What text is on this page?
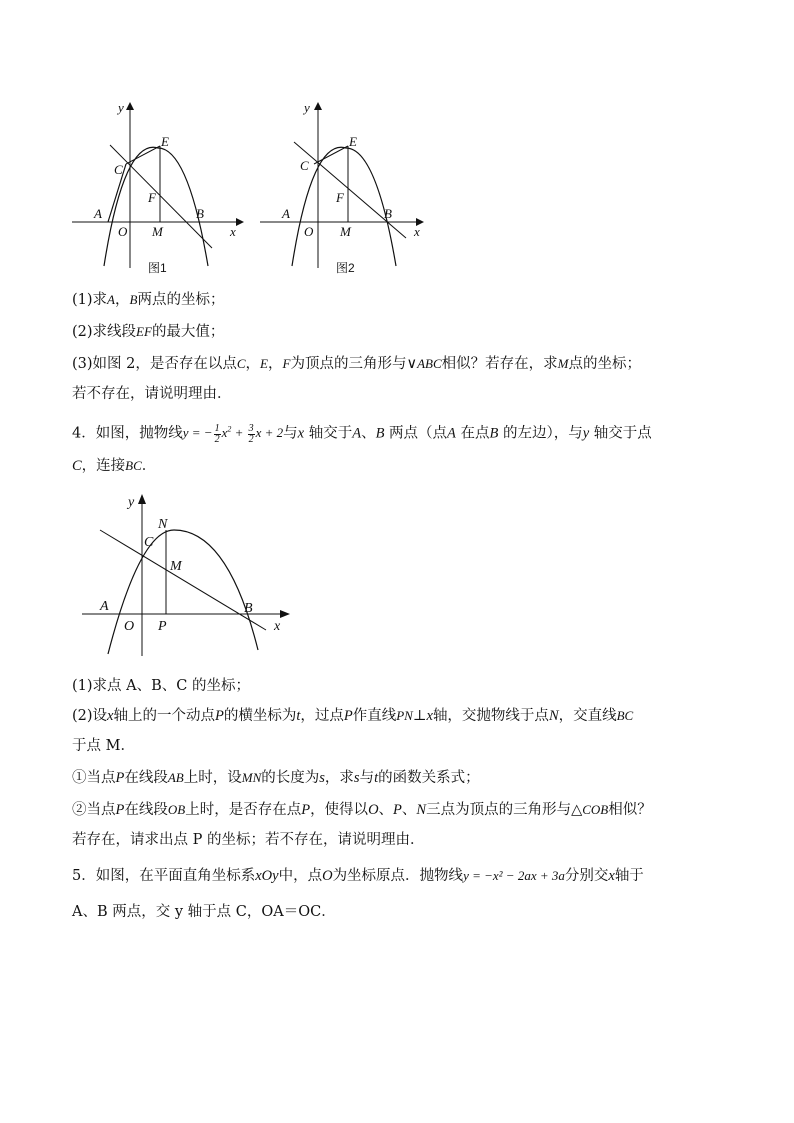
y
x
O
A	B
C
E
F
M
图1
y
x
O
A	B
C
E
F
M
图2
(1)求A，B两点的坐标；
(2)求线段EF的最大值；
(3)如图 2，是否存在以点C，E，F为顶点的三角形与∨ABC相似？若存在，求M点的坐标；
若不存在，请说明理由．
4．如图，抛物线y = − $\frac{1}{2} x^2 + \frac{3}{2}$ x + 2与x 轴交于A、B 两点（点A 在点B 的左边），与y 轴交于点
C，连接BC．
y
x
O
A	B
C
N
M
P
(1)求点 A、B、C 的坐标；
(2)设x轴上的一个动点P的横坐标为t，过点P作直线PN⊥x轴，交抛物线于点N，交直线BC
于点 M．
①当点P在线段AB上时，设MN的长度为s，求s与t的函数关系式；
②当点P在线段OB上时，是否存在点P，使得以O、P、N三点为顶点的三角形与△COB相似？
若存在，请求出点 P 的坐标；若不存在，请说明理由．
5．如图，在平面直角坐标系xOy中，点O为坐标原点．抛物线y = −x² − 2ax + 3a分别交x轴于
A、B 两点，交 y 轴于点 C，OA＝OC．
